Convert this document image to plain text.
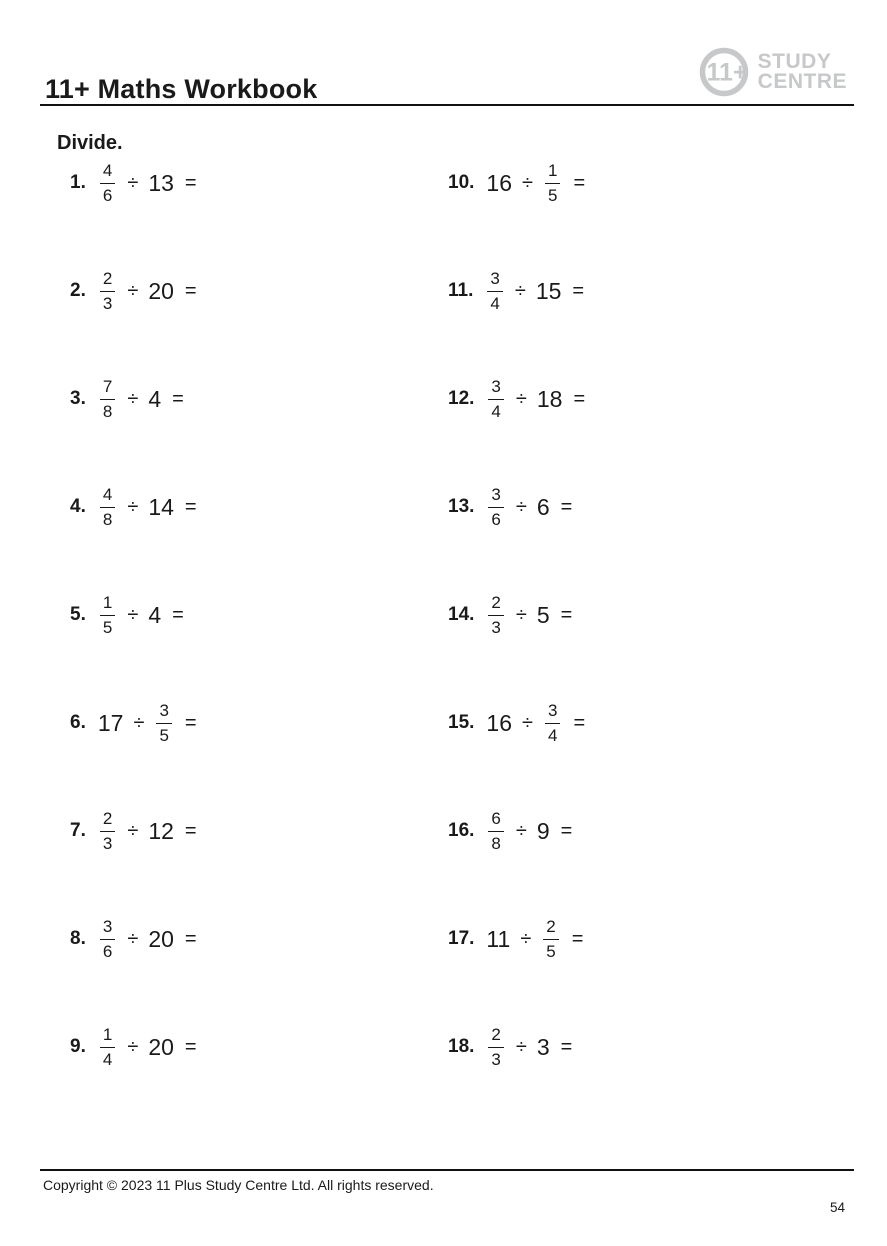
11+ Maths Workbook
11+ STUDY
CENTRE
Divide.
1. $\frac{4}{6} \div 13$ =
2. $\frac{2}{3} \div 20$ =
3. $\frac{7}{8} \div 4$ =
4. $\frac{4}{8} \div 14$ =
5. $\frac{1}{5} \div 4$ =
6. $17 \div \frac{3}{5}$ =
7. $\frac{2}{3} \div 12$ =
8. $\frac{3}{6} \div 20$ =
9. $\frac{1}{4} \div 20$ =
10. $16 \div \frac{1}{5}$ =
11. $\frac{3}{4} \div 15$ =
12. $\frac{3}{4} \div 18$ =
13. $\frac{3}{6} \div 6$ =
14. $\frac{2}{3} \div 5$ =
15. $16 \div \frac{3}{4}$ =
16. $\frac{6}{8} \div 9$ =
17. $11 \div \frac{2}{5}$ =
18. $\frac{2}{3} \div 3$ =
Copyright © 2023 11 Plus Study Centre Ltd. All rights reserved.
54
